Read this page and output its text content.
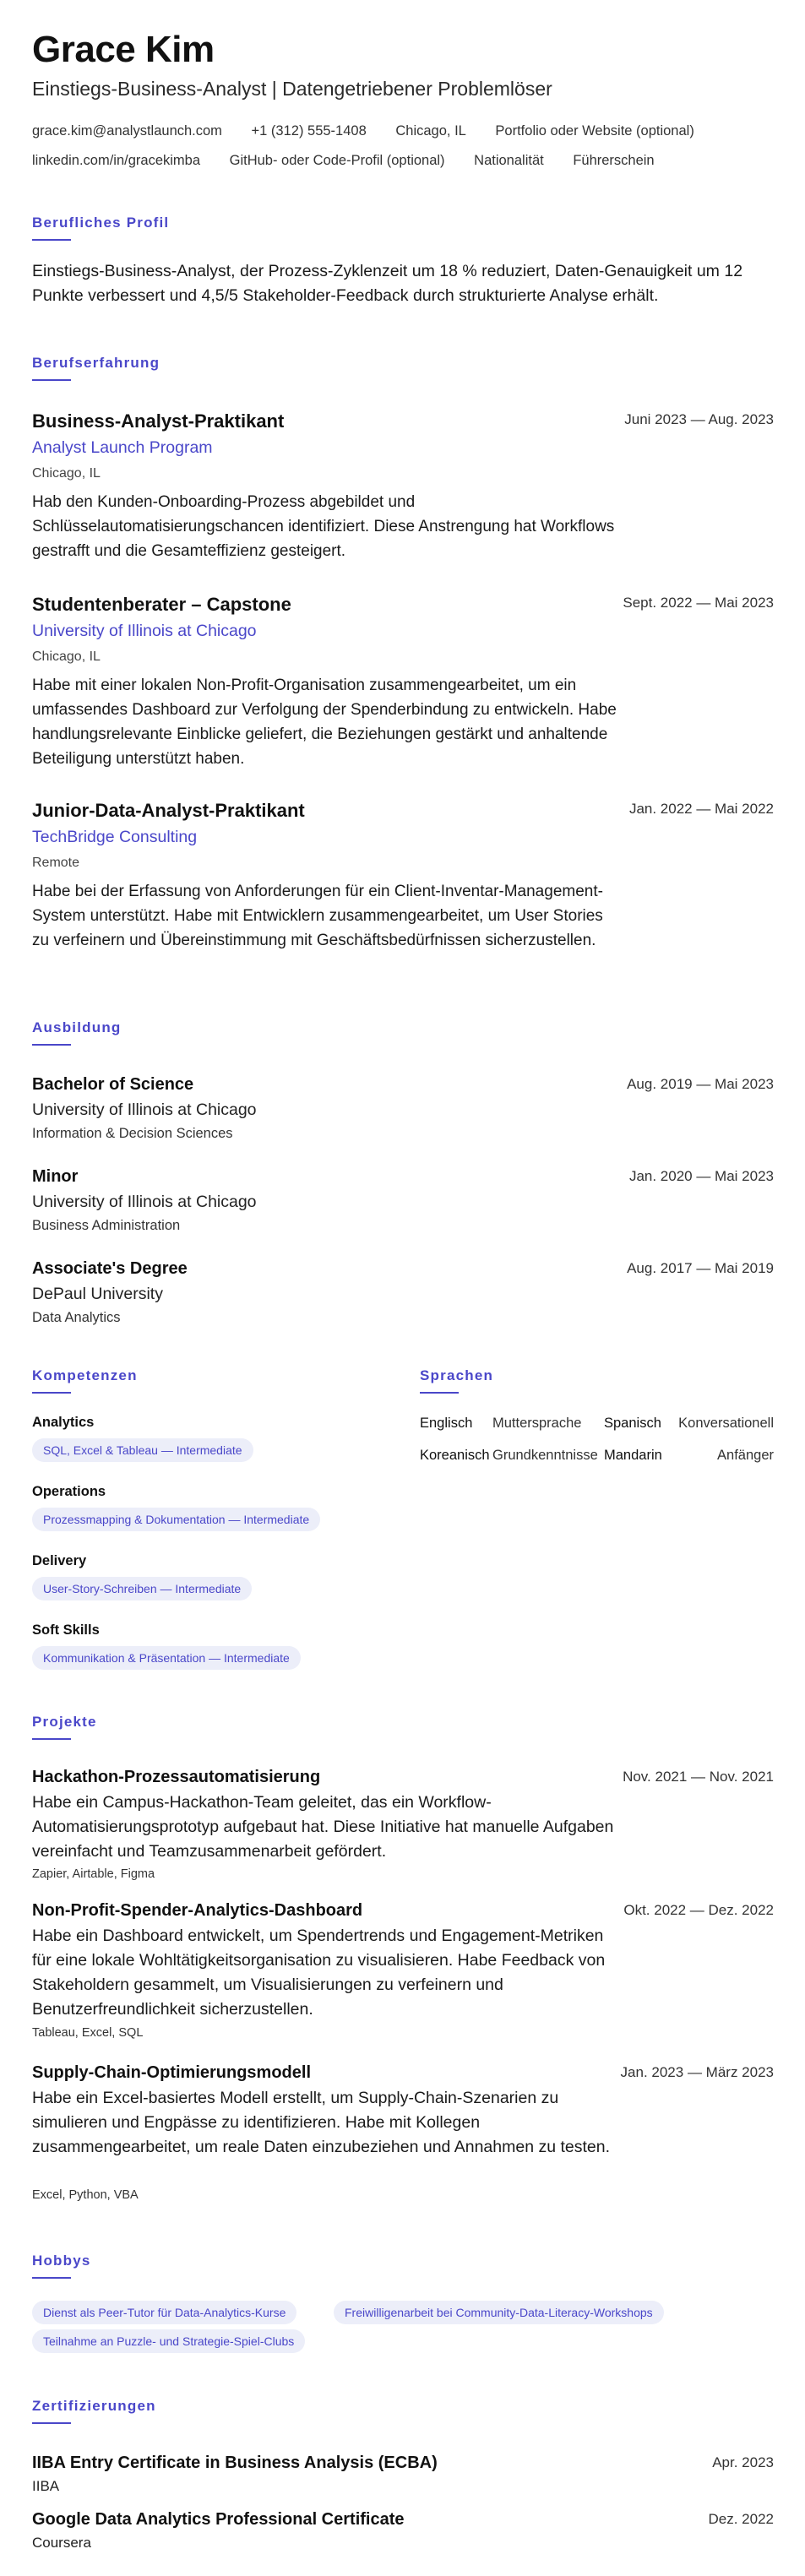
Grace Kim
Einstiegs-Business-Analyst | Datengetriebener Problemlöser
grace.kim@analystlaunch.com +1 (312) 555-1408 Chicago, IL Portfolio oder Website (optional)
linkedin.com/in/gracekimba GitHub- oder Code-Profil (optional) Nationalität Führerschein
Berufliches Profil
Einstiegs-Business-Analyst, der Prozess-Zyklenzeit um 18 % reduziert, Daten-Genauigkeit um 12 Punkte verbessert und 4,5/5 Stakeholder-Feedback durch strukturierte Analyse erhält.
Berufserfahrung
Business-Analyst-Praktikant	Juni 2023 — Aug. 2023
Analyst Launch Program
Chicago, IL
Hab den Kunden-Onboarding-Prozess abgebildet und Schlüsselautomatisierungschancen identifiziert. Diese Anstrengung hat Workflows gestrafft und die Gesamteffizienz gesteigert.
Studentenberater – Capstone	Sept. 2022 — Mai 2023
University of Illinois at Chicago
Chicago, IL
Habe mit einer lokalen Non-Profit-Organisation zusammengearbeitet, um ein umfassendes Dashboard zur Verfolgung der Spenderbindung zu entwickeln. Habe handlungsrelevante Einblicke geliefert, die Beziehungen gestärkt und anhaltende Beteiligung unterstützt haben.
Junior-Data-Analyst-Praktikant	Jan. 2022 — Mai 2022
TechBridge Consulting
Remote
Habe bei der Erfassung von Anforderungen für ein Client-Inventar-Management-System unterstützt. Habe mit Entwicklern zusammengearbeitet, um User Stories zu verfeinern und Übereinstimmung mit Geschäftsbedürfnissen sicherzustellen.
Ausbildung
Bachelor of Science	Aug. 2019 — Mai 2023
University of Illinois at Chicago
Information & Decision Sciences
Minor	Jan. 2020 — Mai 2023
University of Illinois at Chicago
Business Administration
Associate's Degree	Aug. 2017 — Mai 2019
DePaul University
Data Analytics
Kompetenzen
Analytics
SQL, Excel & Tableau — Intermediate
Operations
Prozessmapping & Dokumentation — Intermediate
Delivery
User-Story-Schreiben — Intermediate
Soft Skills
Kommunikation & Präsentation — Intermediate
Sprachen
Englisch Muttersprache Spanisch Konversationell
Koreanisch Grundkenntnisse Mandarin	Anfänger
Projekte
Hackathon-Prozessautomatisierung	Nov. 2021 — Nov. 2021
Habe ein Campus-Hackathon-Team geleitet, das ein Workflow-Automatisierungsprototyp aufgebaut hat. Diese Initiative hat manuelle Aufgaben vereinfacht und Teamzusammenarbeit gefördert.
Zapier, Airtable, Figma
Non-Profit-Spender-Analytics-Dashboard	Okt. 2022 — Dez. 2022
Habe ein Dashboard entwickelt, um Spendertrends und Engagement-Metriken für eine lokale Wohltätigkeitsorganisation zu visualisieren. Habe Feedback von Stakeholdern gesammelt, um Visualisierungen zu verfeinern und Benutzerfreundlichkeit sicherzustellen.
Tableau, Excel, SQL
Supply-Chain-Optimierungsmodell	Jan. 2023 — März 2023
Habe ein Excel-basiertes Modell erstellt, um Supply-Chain-Szenarien zu simulieren und Engpässe zu identifizieren. Habe mit Kollegen zusammengearbeitet, um reale Daten einzubeziehen und Annahmen zu testen.
Excel, Python, VBA
Hobbys
Dienst als Peer-Tutor für Data-Analytics-Kurse	Freiwilligenarbeit bei Community-Data-Literacy-Workshops
Teilnahme an Puzzle- und Strategie-Spiel-Clubs
Zertifizierungen
IIBA Entry Certificate in Business Analysis (ECBA)	Apr. 2023
IIBA
Google Data Analytics Professional Certificate	Dez. 2022
Coursera
